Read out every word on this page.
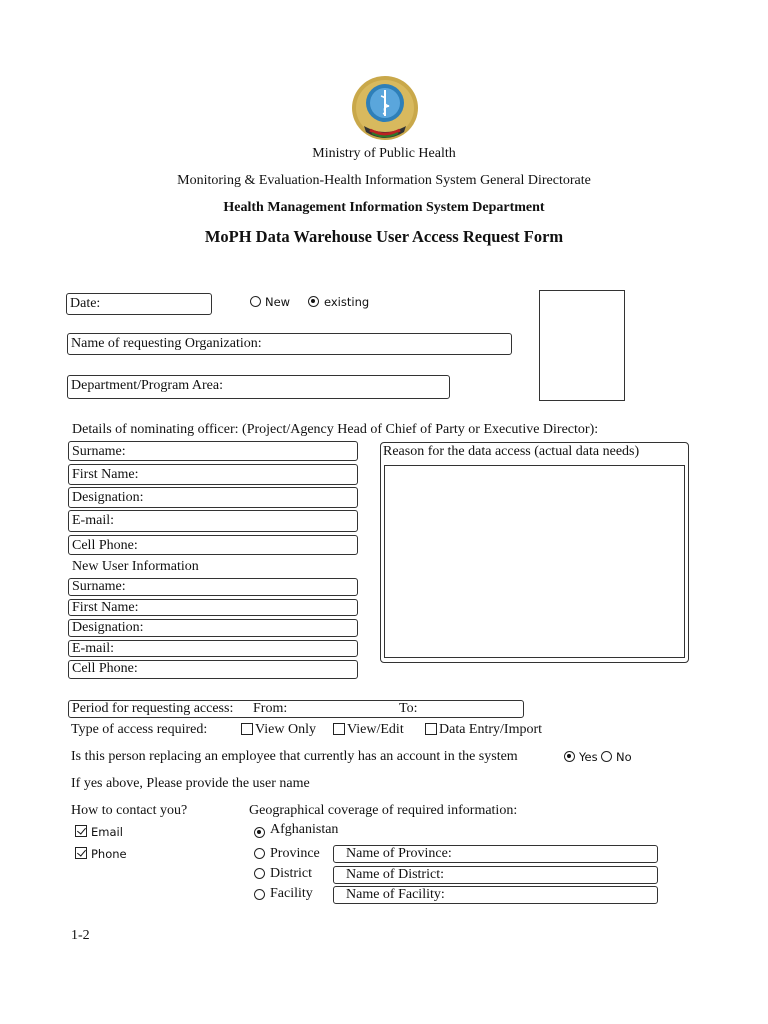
Ministry of Public Health
Monitoring & Evaluation-Health Information System General Directorate
Health Management Information System Department
MoPH Data Warehouse User Access Request Form
Date:	New	existing
Name of requesting Organization:
Department/Program Area:
Details of nominating officer: (Project/Agency Head of Chief of Party or Executive Director):
Surname:
First Name:
Designation:
E-mail:
Cell Phone:
Reason for the data access (actual data needs)
New User Information
Surname:
First Name:
Designation:
E-mail:
Cell Phone:
Period for requesting access: From:	To:
Type of access required:	View Only View/Edit	Data Entry/Import
Is this person replacing an employee that currently has an account in the system	Yes No
If yes above, Please provide the user name
How to contact you?
Email
Phone
Geographical coverage of required information:
Afghanistan
Province	Name of Province:
District	Name of District:
Facility	Name of Facility:
1-2
